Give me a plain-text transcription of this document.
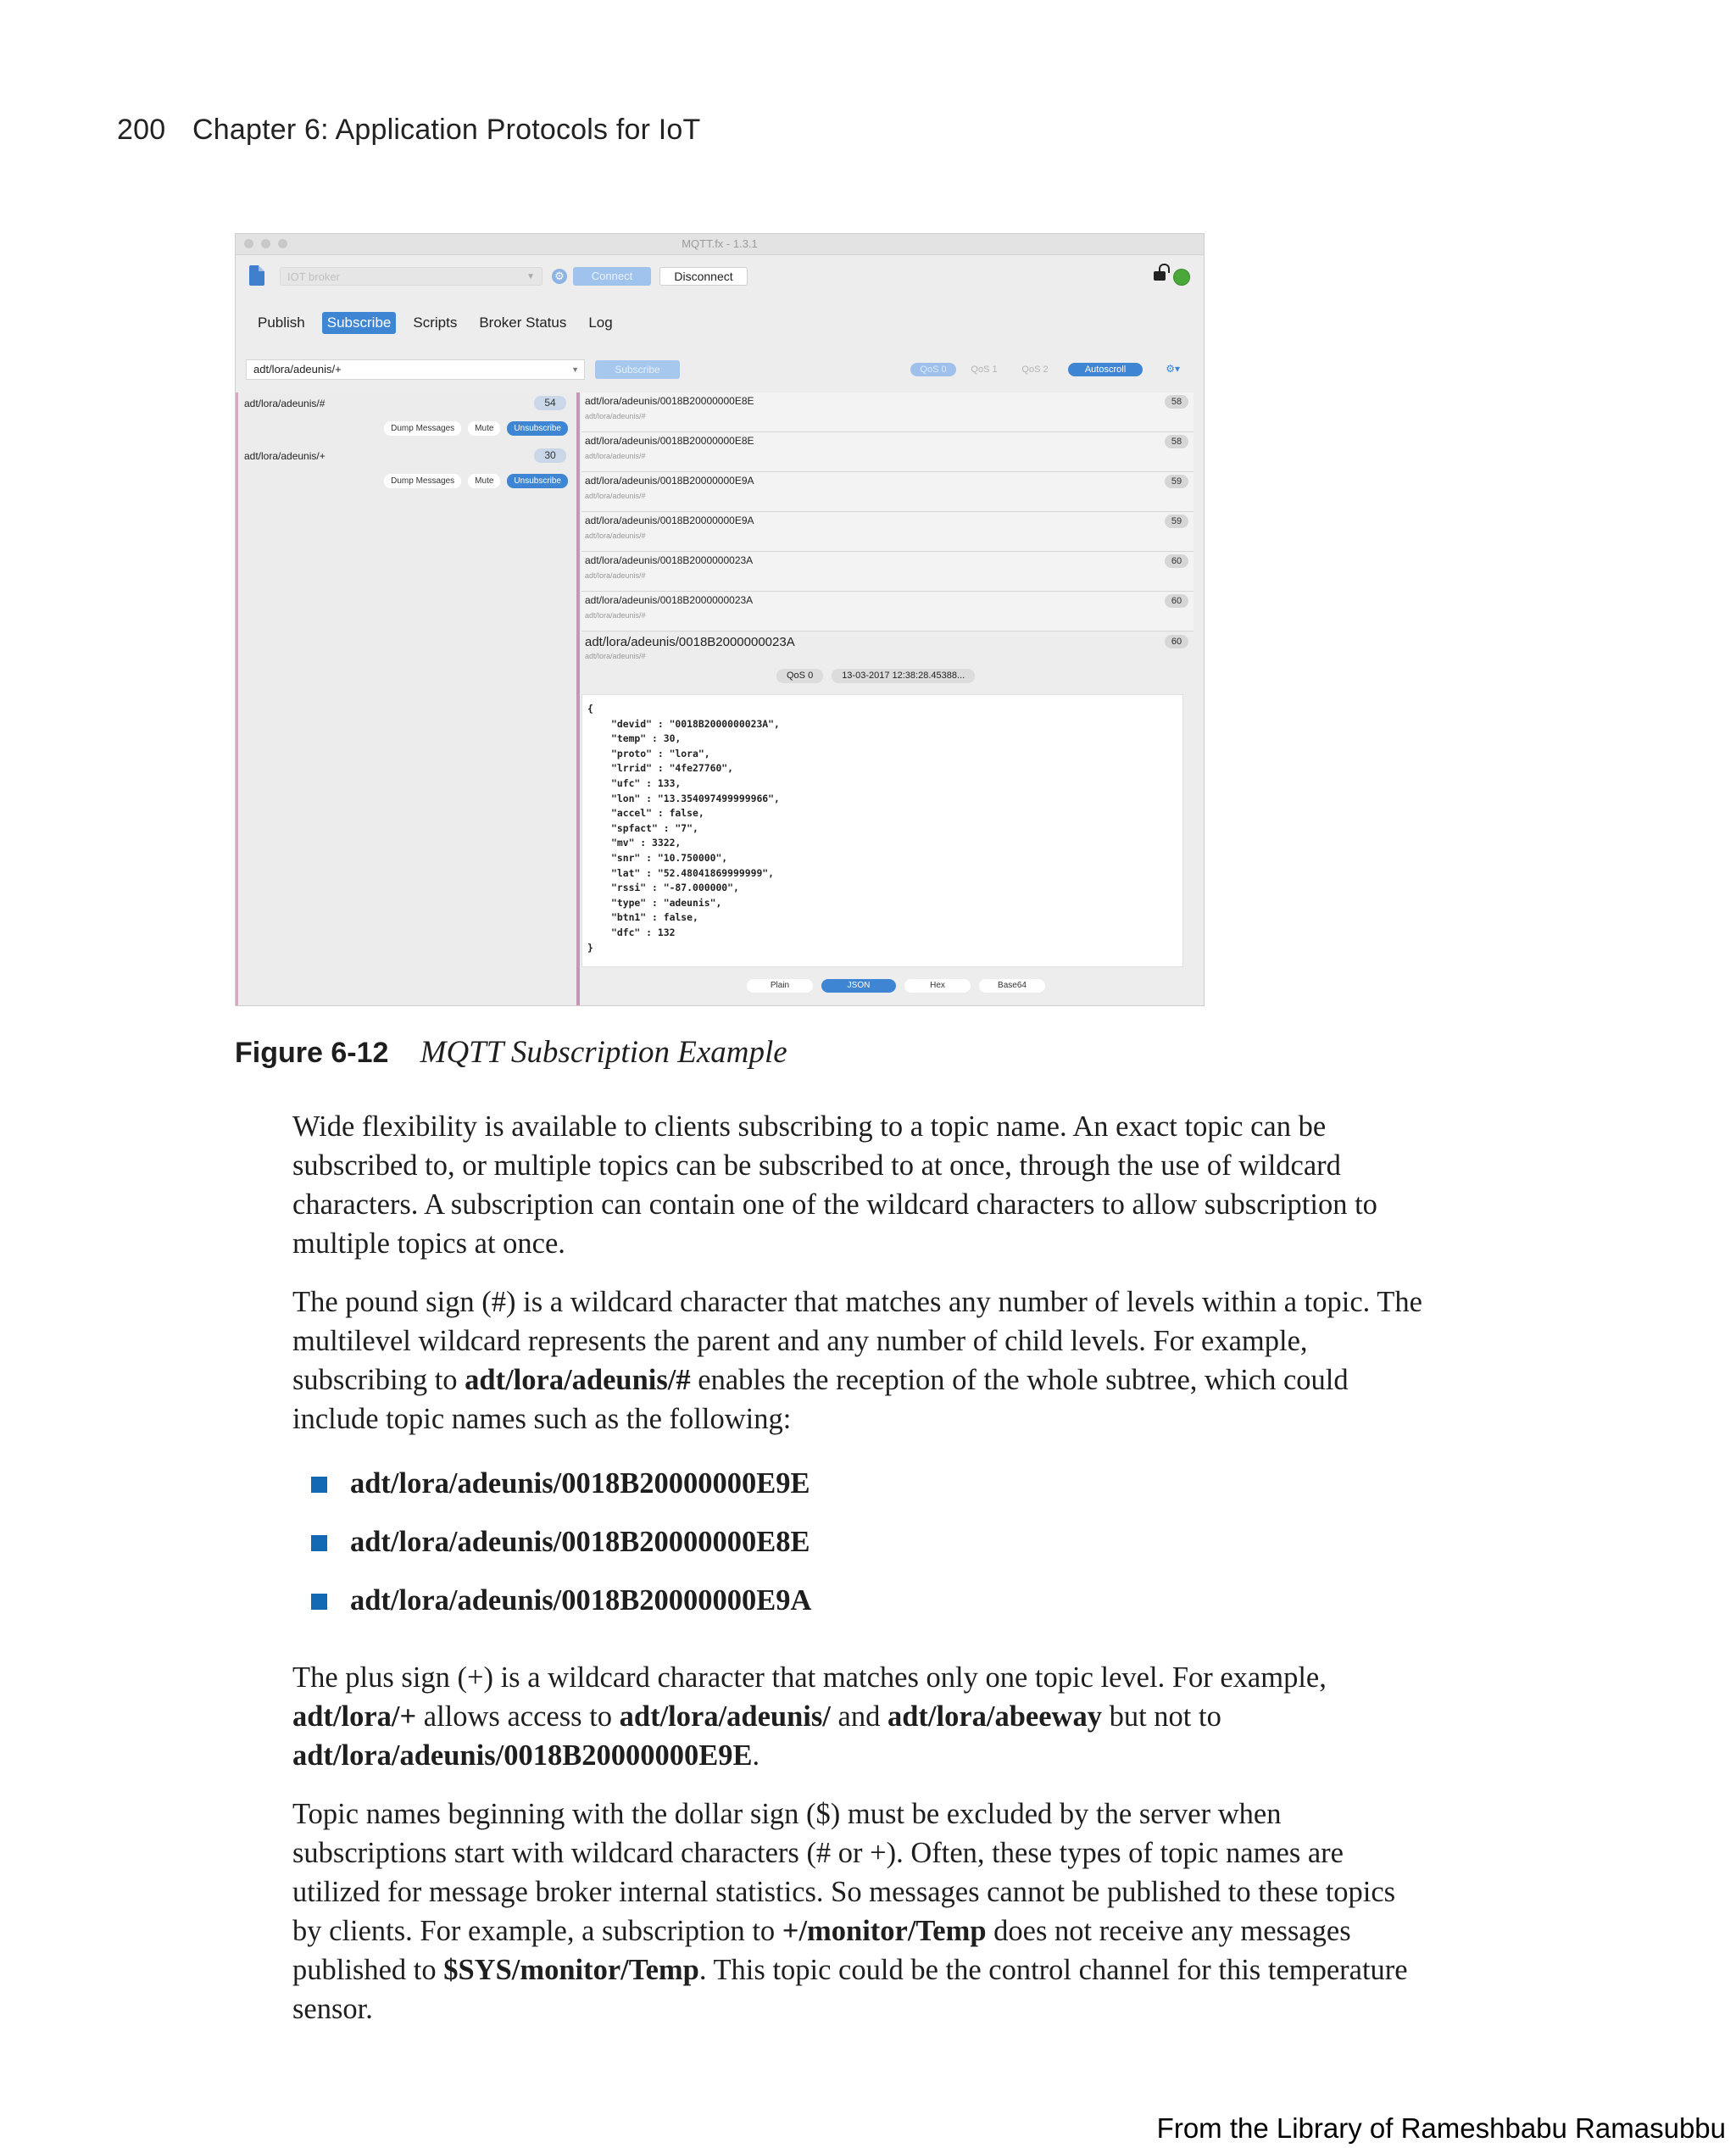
200 Chapter 6: Application Protocols for IoT
MQTT.fx - 1.3.1
IOT broker	▼ ⚙	Connect	Disconnect
Publish	Subscribe	Scripts	Broker Status	Log
adt/lora/adeunis/+	▼	Subscribe	QoS 0	QoS 1	QoS 2	Autoscroll	⚙▾
adt/lora/adeunis/#	54
Dump Messages	Mute	Unsubscribe
adt/lora/adeunis/+	30
Dump Messages	Mute	Unsubscribe
adt/lora/adeunis/0018B20000000E8E
adt/lora/adeunis/#
58
adt/lora/adeunis/0018B20000000E8E
adt/lora/adeunis/#
58
adt/lora/adeunis/0018B20000000E9A
adt/lora/adeunis/#
59
adt/lora/adeunis/0018B20000000E9A
adt/lora/adeunis/#
59
adt/lora/adeunis/0018B2000000023A
adt/lora/adeunis/#
60
adt/lora/adeunis/0018B2000000023A
adt/lora/adeunis/#
60
adt/lora/adeunis/0018B2000000023A
adt/lora/adeunis/#
60
QoS 0	13-03-2017 12:38:28.45388...
{
"devid" : "0018B2000000023A",
"temp" : 30,
"proto" : "lora",
"lrrid" : "4fe27760",
"ufc" : 133,
"lon" : "13.354097499999966",
"accel" : false,
"spfact" : "7",
"mv" : 3322,
"snr" : "10.750000",
"lat" : "52.48041869999999",
"rssi" : "-87.000000",
"type" : "adeunis",
"btn1" : false,
"dfc" : 132
}
Plain	JSON	Hex	Base64
Figure 6-12 MQTT Subscription Example

Wide flexibility is available to clients subscribing to a topic name. An exact topic can be subscribed to, or multiple topics can be subscribed to at once, through the use of wildcard characters. A subscription can contain one of the wildcard characters to allow subscription to multiple topics at once.

The pound sign (#) is a wildcard character that matches any number of levels within a topic. The multilevel wildcard represents the parent and any number of child levels. For example, subscribing to adt/lora/adeunis/# enables the reception of the whole subtree, which could include topic names such as the following:

adt/lora/adeunis/0018B20000000E9E
adt/lora/adeunis/0018B20000000E8E
adt/lora/adeunis/0018B20000000E9A

The plus sign (+) is a wildcard character that matches only one topic level. For example, adt/lora/+ allows access to adt/lora/adeunis/ and adt/lora/abeeway but not to adt/lora/adeunis/0018B20000000E9E.

Topic names beginning with the dollar sign ($) must be excluded by the server when subscriptions start with wildcard characters (# or +). Often, these types of topic names are utilized for message broker internal statistics. So messages cannot be published to these topics by clients. For example, a subscription to +/monitor/Temp does not receive any messages published to $SYS/monitor/Temp. This topic could be the control channel for this temperature sensor.

From the Library of Rameshbabu Ramasubbu
